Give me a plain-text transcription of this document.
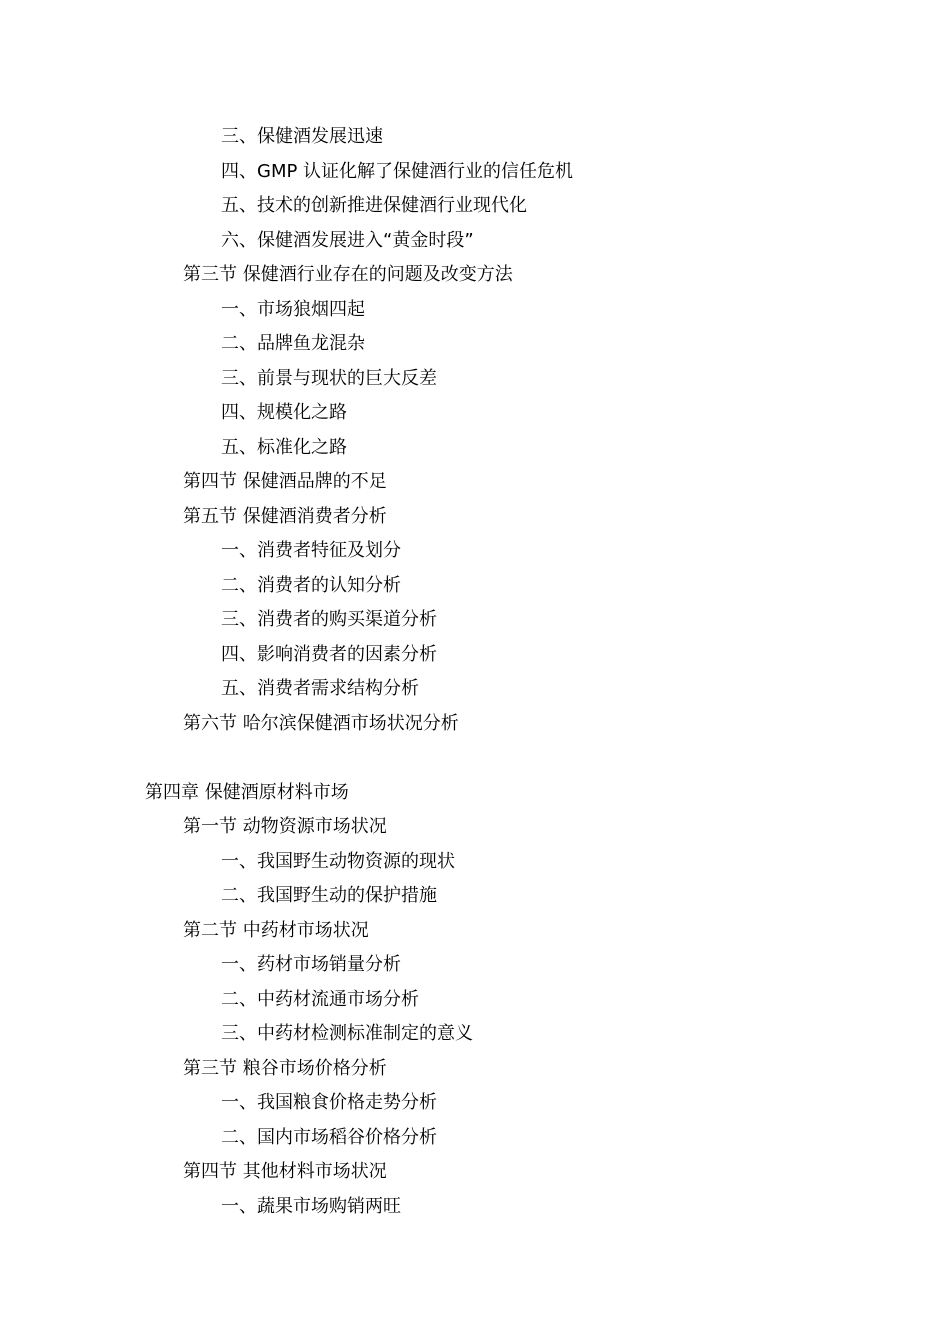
三、保健酒发展迅速
四、GMP 认证化解了保健酒行业的信任危机
五、技术的创新推进保健酒行业现代化
六、保健酒发展进入“黄金时段”
第三节 保健酒行业存在的问题及改变方法
一、市场狼烟四起
二、品牌鱼龙混杂
三、前景与现状的巨大反差
四、规模化之路
五、标准化之路
第四节 保健酒品牌的不足
第五节 保健酒消费者分析
一、消费者特征及划分
二、消费者的认知分析
三、消费者的购买渠道分析
四、影响消费者的因素分析
五、消费者需求结构分析
第六节 哈尔滨保健酒市场状况分析
第四章 保健酒原材料市场
第一节 动物资源市场状况
一、我国野生动物资源的现状
二、我国野生动的保护措施
第二节 中药材市场状况
一、药材市场销量分析
二、中药材流通市场分析
三、中药材检测标准制定的意义
第三节 粮谷市场价格分析
一、我国粮食价格走势分析
二、国内市场稻谷价格分析
第四节 其他材料市场状况
一、蔬果市场购销两旺
